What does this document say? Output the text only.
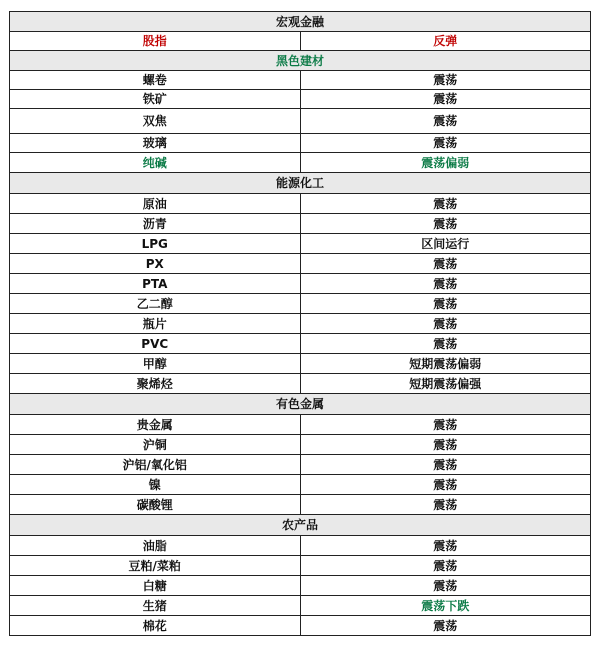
宏观金融	
股指	反弹
黑色建材	
螺卷	震荡
铁矿	震荡
双焦	震荡
玻璃	震荡
纯碱	震荡偏弱
能源化工	
原油	震荡
沥青	震荡
LPG	区间运行
PX	震荡
PTA	震荡
乙二醇	震荡
瓶片	震荡
PVC	震荡
甲醇	短期震荡偏弱
聚烯烃	短期震荡偏强
有色金属	
贵金属	震荡
沪铜	震荡
沪铝/氧化铝	震荡
镍	震荡
碳酸锂	震荡
农产品	
油脂	震荡
豆粕/菜粕	震荡
白糖	震荡
生猪	震荡下跌
棉花	震荡
